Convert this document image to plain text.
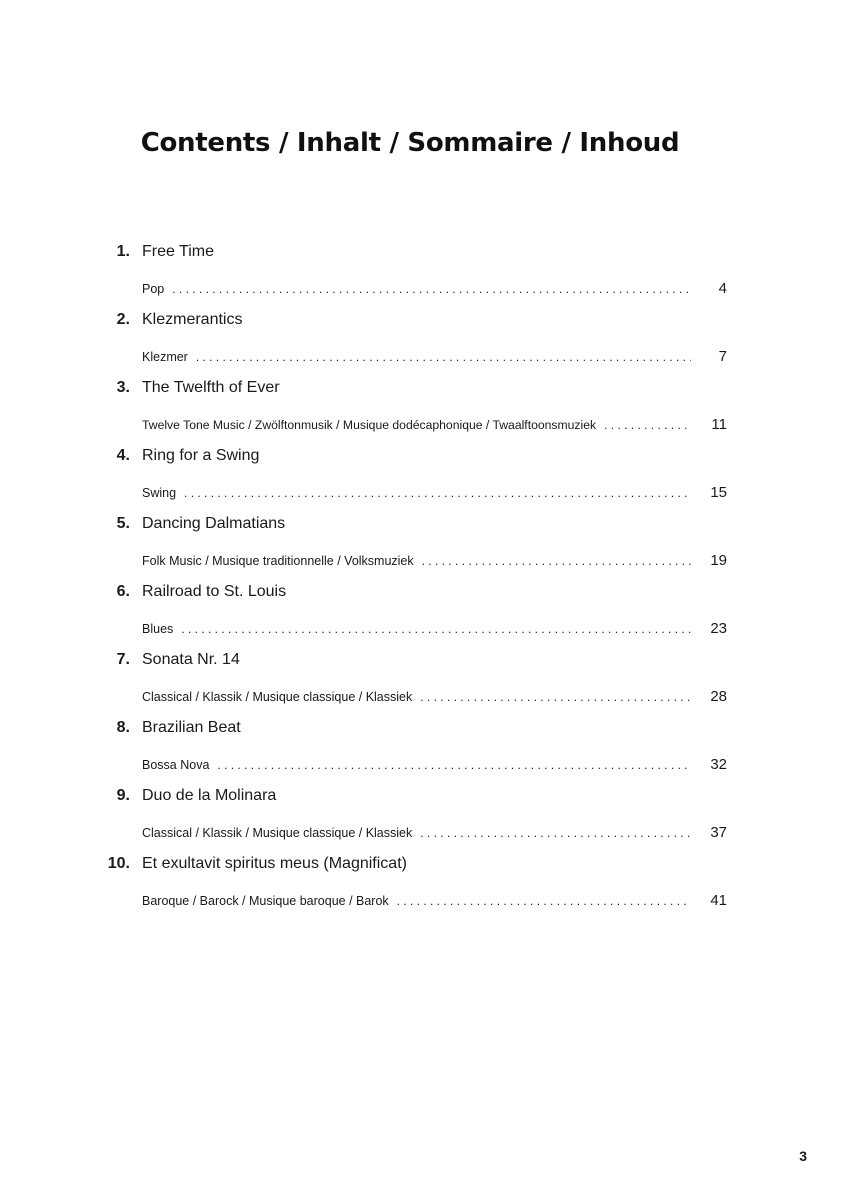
Contents / Inhalt / Sommaire / Inhoud
1. Free Time
Pop . . .	4
2. Klezmerantics
Klezmer . . .	7
3. The Twelfth of Ever
Twelve Tone Music / Zwölftonmusik / Musique dodécaphonique / Twaalftoonsmuziek . . .	11
4. Ring for a Swing
Swing . . .	15
5. Dancing Dalmatians
Folk Music / Musique traditionnelle / Volksmuziek . . .	19
6. Railroad to St. Louis
Blues . . .	23
7. Sonata Nr. 14
Classical / Klassik / Musique classique / Klassiek . . .	28
8. Brazilian Beat
Bossa Nova . . .	32
9. Duo de la Molinara
Classical / Klassik / Musique classique / Klassiek . . .	37
10. Et exultavit spiritus meus (Magnificat)
Baroque / Barock / Musique baroque / Barok . . .	41
3
